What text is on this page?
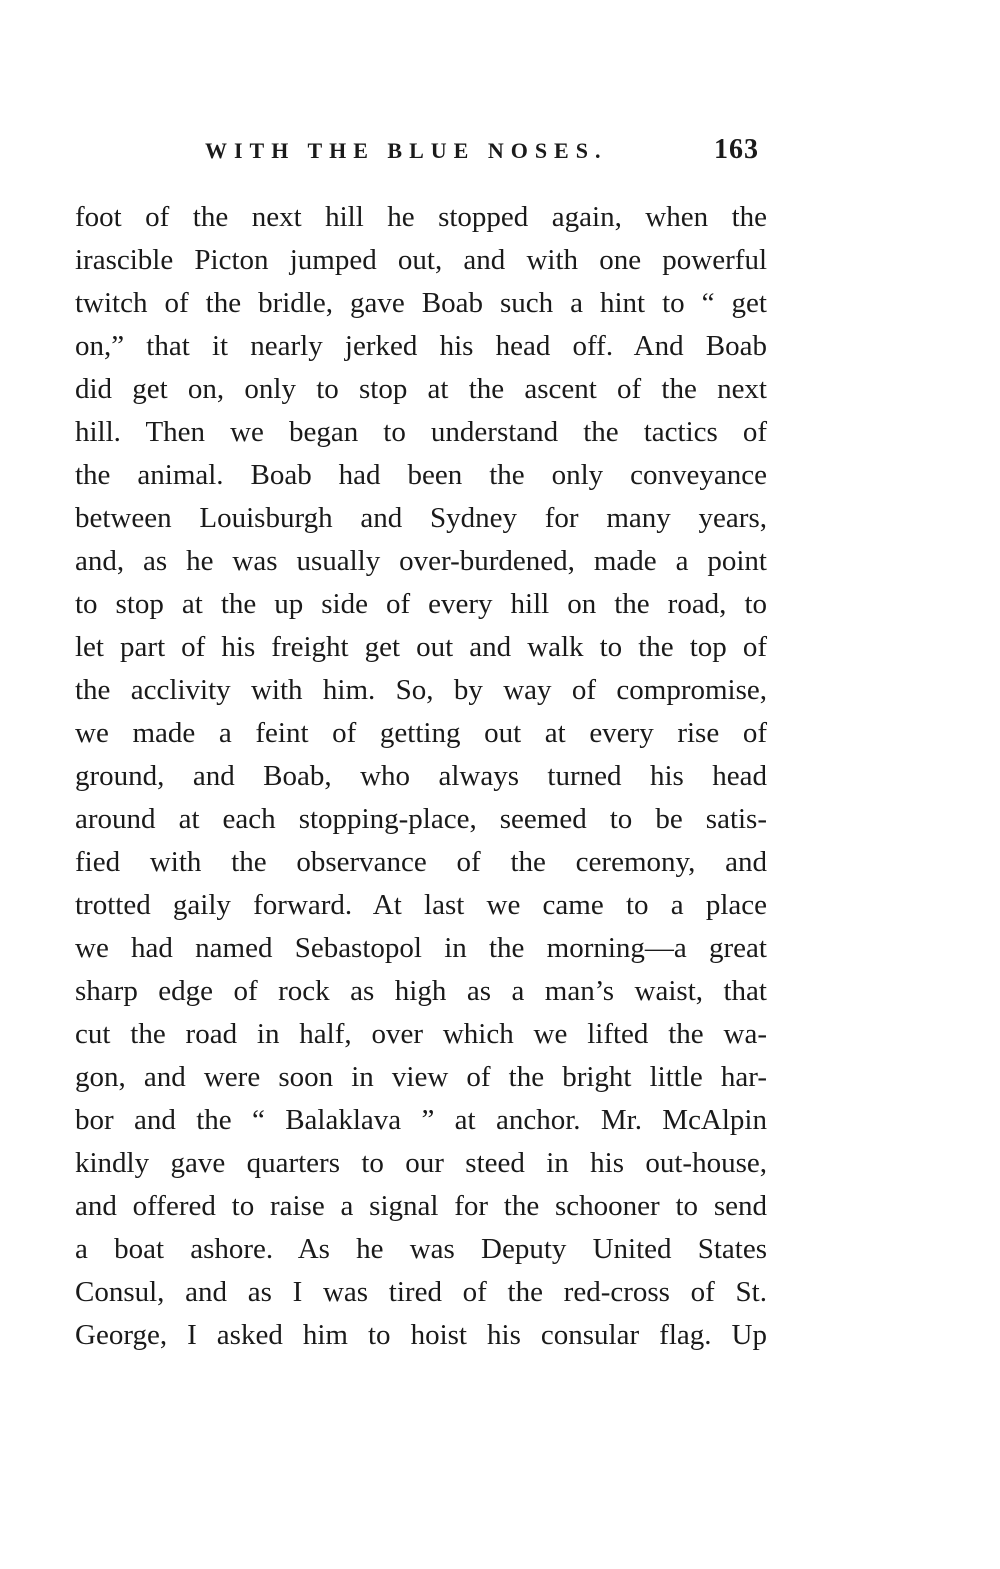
WITH THE BLUE NOSES.	163
foot of the next hill he stopped again, when the
irascible Picton jumped out, and with one powerful
twitch of the bridle, gave Boab such a hint to “ get
on,” that it nearly jerked his head off. And Boab
did get on, only to stop at the ascent of the next
hill. Then we began to understand the tactics of
the animal. Boab had been the only conveyance
between Louisburgh and Sydney for many years,
and, as he was usually over-burdened, made a point
to stop at the up side of every hill on the road, to
let part of his freight get out and walk to the top of
the acclivity with him. So, by way of compromise,
we made a feint of getting out at every rise of
ground, and Boab, who always turned his head
around at each stopping-place, seemed to be satis-
fied with the observance of the ceremony, and
trotted gaily forward. At last we came to a place
we had named Sebastopol in the morning—a great
sharp edge of rock as high as a man’s waist, that
cut the road in half, over which we lifted the wa-
gon, and were soon in view of the bright little har-
bor and the “ Balaklava ” at anchor. Mr. McAlpin
kindly gave quarters to our steed in his out-house,
and offered to raise a signal for the schooner to send
a boat ashore. As he was Deputy United States
Consul, and as I was tired of the red-cross of St.
George, I asked him to hoist his consular flag. Up
